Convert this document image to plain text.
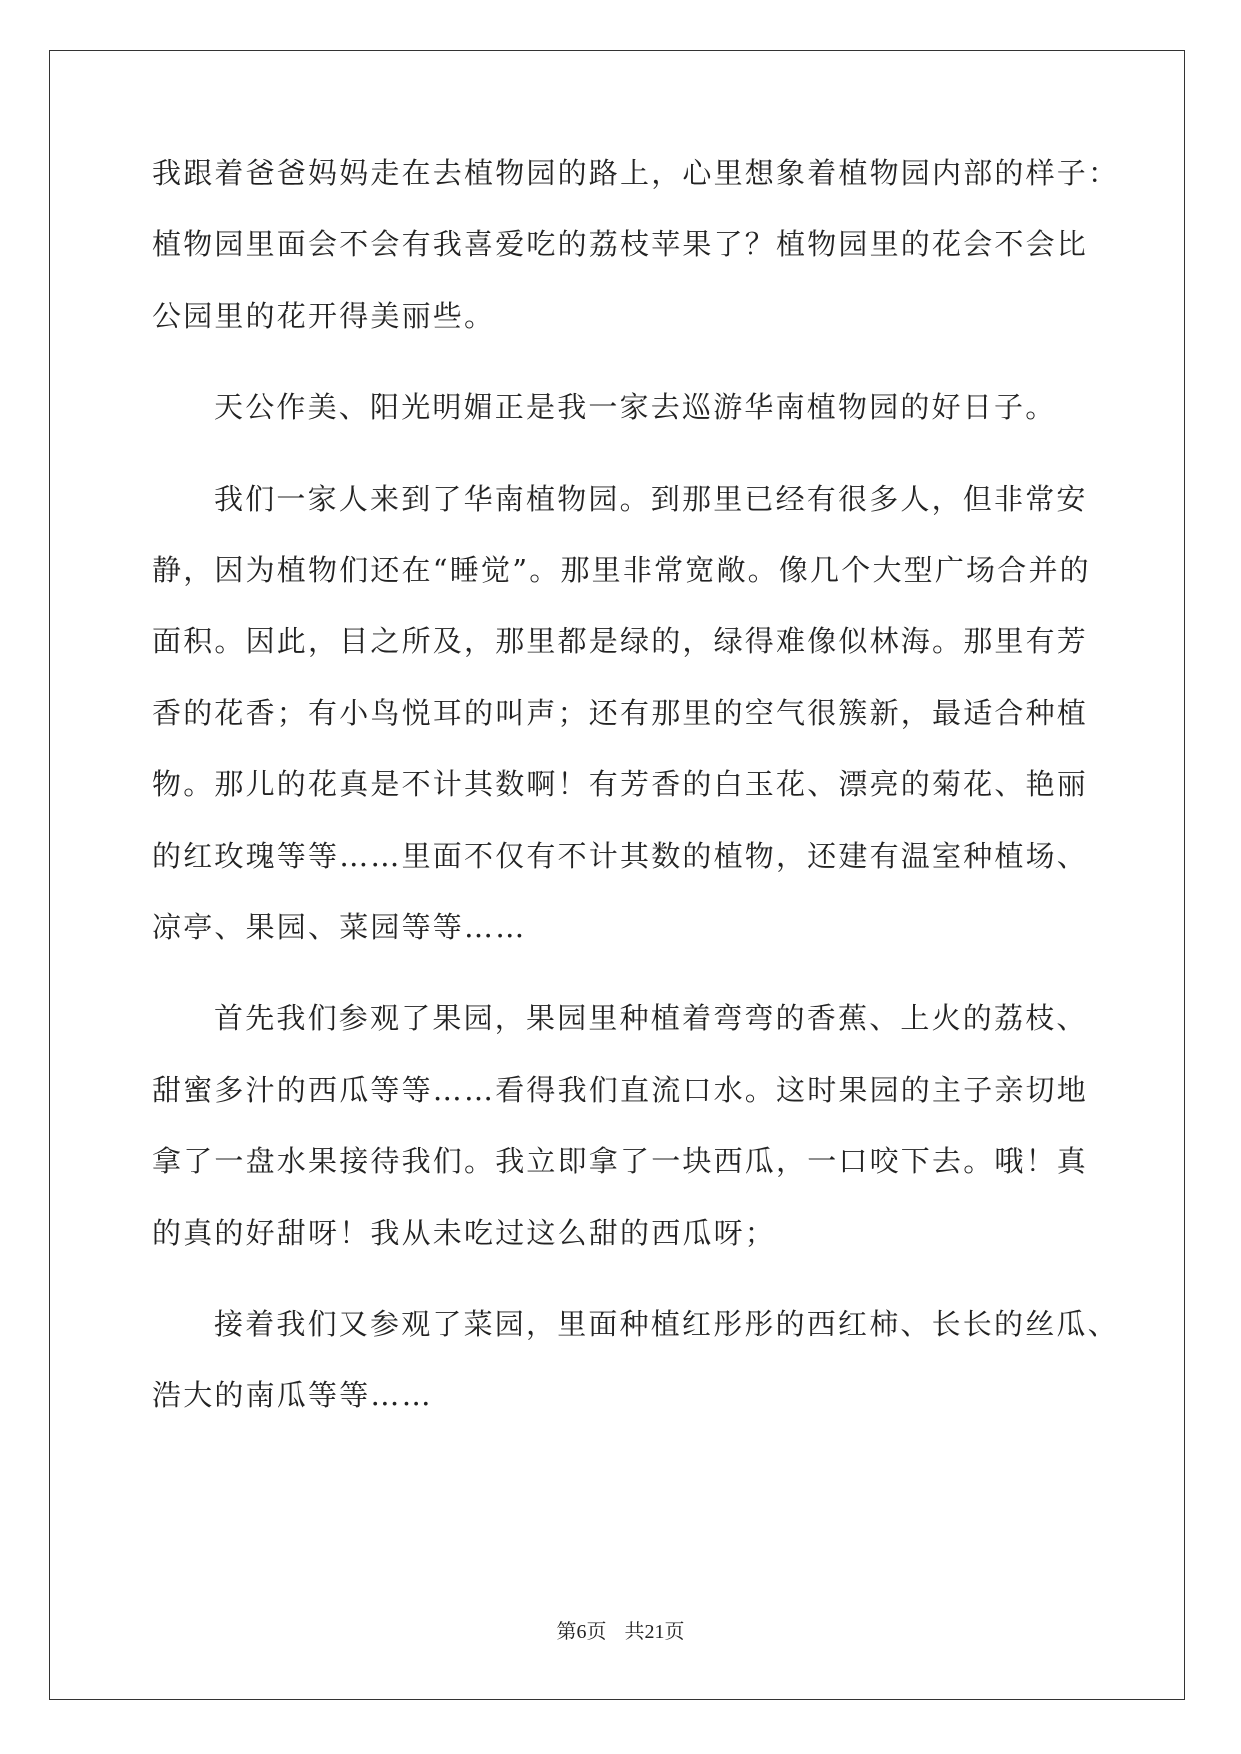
我跟着爸爸妈妈走在去植物园的路上，心里想象着植物园内部的样子：
植物园里面会不会有我喜爱吃的荔枝苹果了？植物园里的花会不会比
公园里的花开得美丽些。
天公作美、阳光明媚正是我一家去巡游华南植物园的好日子。
我们一家人来到了华南植物园。到那里已经有很多人，但非常安
静，因为植物们还在“睡觉”。那里非常宽敞。像几个大型广场合并的
面积。因此，目之所及，那里都是绿的，绿得难像似林海。那里有芳
香的花香；有小鸟悦耳的叫声；还有那里的空气很簇新，最适合种植
物。那儿的花真是不计其数啊！有芳香的白玉花、漂亮的菊花、艳丽
的红玫瑰等等……里面不仅有不计其数的植物，还建有温室种植场、
凉亭、果园、菜园等等……
首先我们参观了果园，果园里种植着弯弯的香蕉、上火的荔枝、
甜蜜多汁的西瓜等等……看得我们直流口水。这时果园的主子亲切地
拿了一盘水果接待我们。我立即拿了一块西瓜，一口咬下去。哦！真
的真的好甜呀！我从未吃过这么甜的西瓜呀；
接着我们又参观了菜园，里面种植红彤彤的西红柿、长长的丝瓜、
浩大的南瓜等等……
第6页 共21页
